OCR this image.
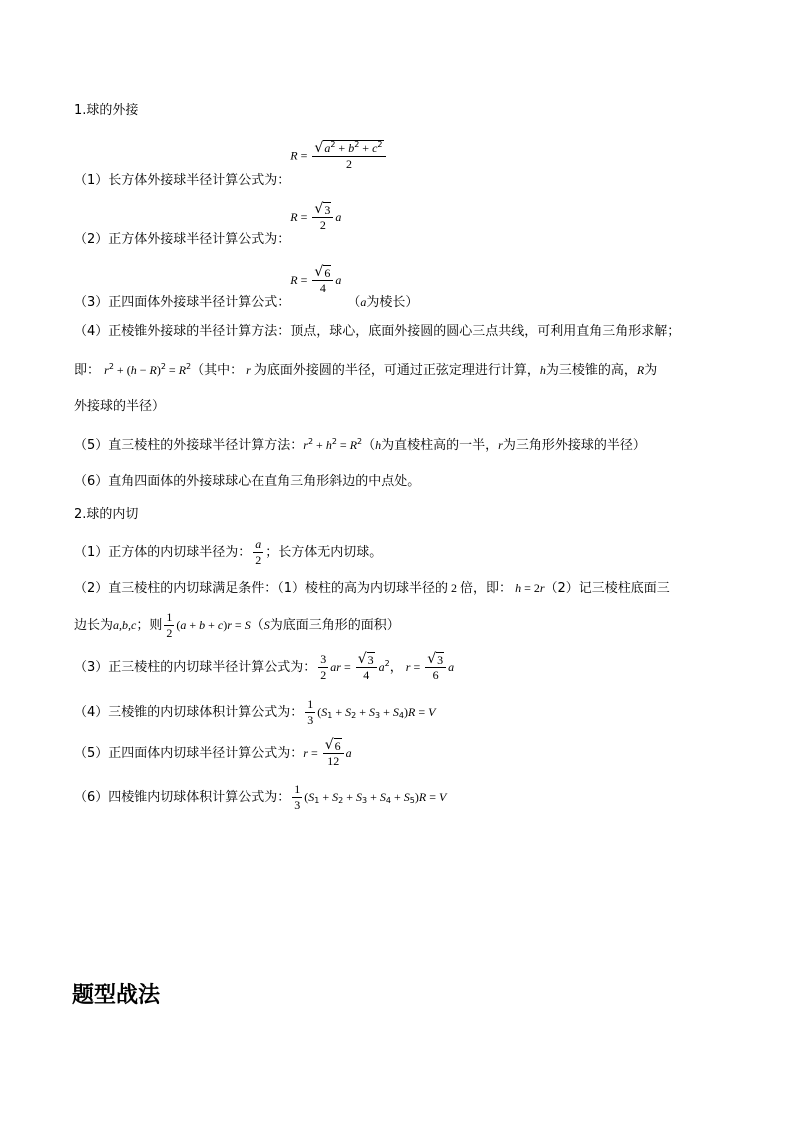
1.球的外接
（1）长方体外接球半径计算公式为：$R = \frac{√ a^2 + b^2 + c^2}{2}$
（2）正方体外接球半径计算公式为：$R = \frac{√ 3}{2}$ a
（3）正四面体外接球半径计算公式：$R = \frac{√ 6}{4} a(a$为棱长）
（4）正棱锥外接球的半径计算方法：顶点，球心，底面外接圆的圆心三点共线，可利用直角三角形求解；
即： $r^2 + (h - R)^2 = R^2$（其中： r 为底面外接圆的半径，可通过正弦定理进行计算，h为三棱锥的高，R为
外接球的半径）
（5）直三棱柱的外接球半径计算方法：$r^2 + h^2 = R^2(h$为直棱柱高的一半，r为三角形外接球的半径）
（6）直角四面体的外接球球心在直角三角形斜边的中点处。
2.球的内切
（1）正方体的内切球半径为： $\frac{a}{2}$ ；长方体无内切球。
（2）直三棱柱的内切球满足条件：（1）棱柱的高为内切球半径的 2 倍，即： h = 2r（2）记三棱柱底面三
边长为a,b,c；则 $\frac{1}{2} (a + b + c)r = S(S$为底面三角形的面积）
（3）正三棱柱的内切球半径计算公式为： $\frac{3}{2}$ ar = $\frac{√ 3}{4} a^2$， $r = \frac{√ 3}{6}$ a
（4）三棱锥的内切球体积计算公式为： $\frac{1}{3} (S_1 + S_2 + S_3 + S_4)R = V$
（5）正四面体内切球半径计算公式为：$r = \frac{√ 6}{12}$ a
（6）四棱锥内切球体积计算公式为： $\frac{1}{3} (S_1 + S_2 + S_3 + S_4 + S_5)R = V$
题型战法
